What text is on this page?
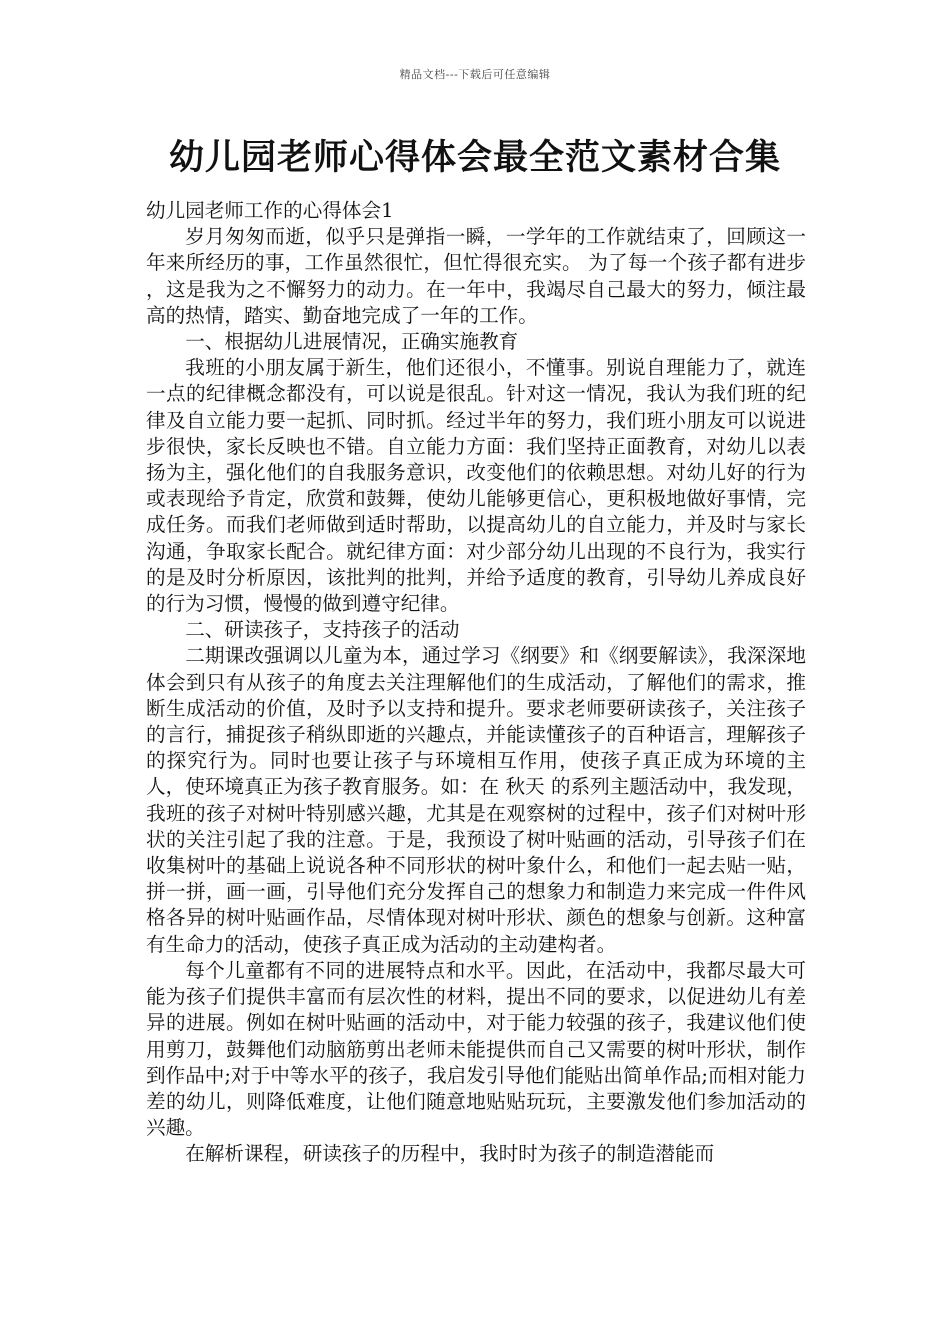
精品文档---下载后可任意编辑
幼儿园老师心得体会最全范文素材合集

幼儿园老师工作的心得体会1

岁月匆匆而逝，似乎只是弹指一瞬，一学年的工作就结束了，回顾这一年来所经历的事，工作虽然很忙，但忙得很充实。 为了每一个孩子都有进步 ，这是我为之不懈努力的动力。在一年中，我竭尽自己最大的努力，倾注最高的热情，踏实、勤奋地完成了一年的工作。

一、根据幼儿进展情况，正确实施教育

我班的小朋友属于新生，他们还很小，不懂事。别说自理能力了，就连一点的纪律概念都没有，可以说是很乱。针对这一情况，我认为我们班的纪律及自立能力要一起抓、同时抓。经过半年的努力，我们班小朋友可以说进步很快，家长反映也不错。自立能力方面：我们坚持正面教育，对幼儿以表扬为主，强化他们的自我服务意识，改变他们的依赖思想。对幼儿好的行为或表现给予肯定，欣赏和鼓舞，使幼儿能够更信心，更积极地做好事情，完成任务。而我们老师做到适时帮助，以提高幼儿的自立能力，并及时与家长沟通，争取家长配合。就纪律方面：对少部分幼儿出现的不良行为，我实行的是及时分析原因，该批判的批判，并给予适度的教育，引导幼儿养成良好的行为习惯，慢慢的做到遵守纪律。

二、研读孩子，支持孩子的活动

二期课改强调以儿童为本，通过学习《纲要》和《纲要解读》，我深深地体会到只有从孩子的角度去关注理解他们的生成活动，了解他们的需求，推断生成活动的价值，及时予以支持和提升。要求老师要研读孩子，关注孩子的言行，捕捉孩子稍纵即逝的兴趣点，并能读懂孩子的百种语言，理解孩子的探究行为。同时也要让孩子与环境相互作用，使孩子真正成为环境的主人，使环境真正为孩子教育服务。如：在 秋天 的系列主题活动中，我发现，我班的孩子对树叶特别感兴趣，尤其是在观察树的过程中，孩子们对树叶形状的关注引起了我的注意。于是，我预设了树叶贴画的活动，引导孩子们在收集树叶的基础上说说各种不同形状的树叶象什么，和他们一起去贴一贴，拼一拼，画一画，引导他们充分发挥自己的想象力和制造力来完成一件件风格各异的树叶贴画作品，尽情体现对树叶形状、颜色的想象与创新。这种富有生命力的活动，使孩子真正成为活动的主动建构者。

每个儿童都有不同的进展特点和水平。因此，在活动中，我都尽最大可能为孩子们提供丰富而有层次性的材料，提出不同的要求，以促进幼儿有差异的进展。例如在树叶贴画的活动中，对于能力较强的孩子，我建议他们使用剪刀，鼓舞他们动脑筋剪出老师未能提供而自己又需要的树叶形状，制作到作品中;对于中等水平的孩子，我启发引导他们能贴出简单作品;而相对能力差的幼儿，则降低难度，让他们随意地贴贴玩玩，主要激发他们参加活动的兴趣。

在解析课程，研读孩子的历程中，我时时为孩子的制造潜能而
